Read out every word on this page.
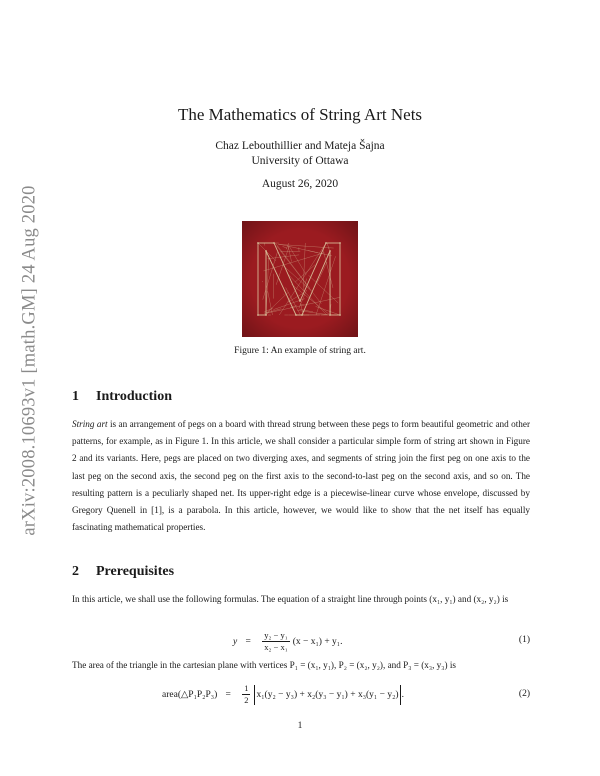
arXiv:2008.10693v1 [math.GM] 24 Aug 2020
The Mathematics of String Art Nets
Chaz Lebouthillier and Mateja Šajna
University of Ottawa
August 26, 2020
Figure 1: An example of string art.
1 Introduction

String art is an arrangement of pegs on a board with thread strung between these pegs to form beautiful geometric and other patterns, for example, as in Figure 1. In this article, we shall consider a particular simple form of string art shown in Figure 2 and its variants. Here, pegs are placed on two diverging axes, and segments of string join the first peg on one axis to the last peg on the second axis, the second peg on the first axis to the second-to-last peg on the second axis, and so on. The resulting pattern is a peculiarly shaped net. Its upper-right edge is a piecewise-linear curve whose envelope, discussed by Gregory Quenell in [1], is a parabola. In this article, however, we would like to show that the net itself has equally fascinating mathematical properties.

2 Prerequisites

In this article, we shall use the following formulas. The equation of a straight line through points (x₁, y₁) and (x₂, y₂) is

y =	$\frac{\text{y₂ − y₁}}{\text{x₂ − x₁}} (x - x_1) + y_1$.	(1)

The area of the triangle in the cartesian plane with vertices P₁ = (x₁, y₁), P₂ = (x₂, y₂), and P₃ = (x₃, y₃) is

area(△P₁P₂P₃) =	$\frac{1}{2} x_1(y_2 - y_3) + x_2(y_3 - y_1) + x_3(y_1 - y_2)$ .	(2)
1
